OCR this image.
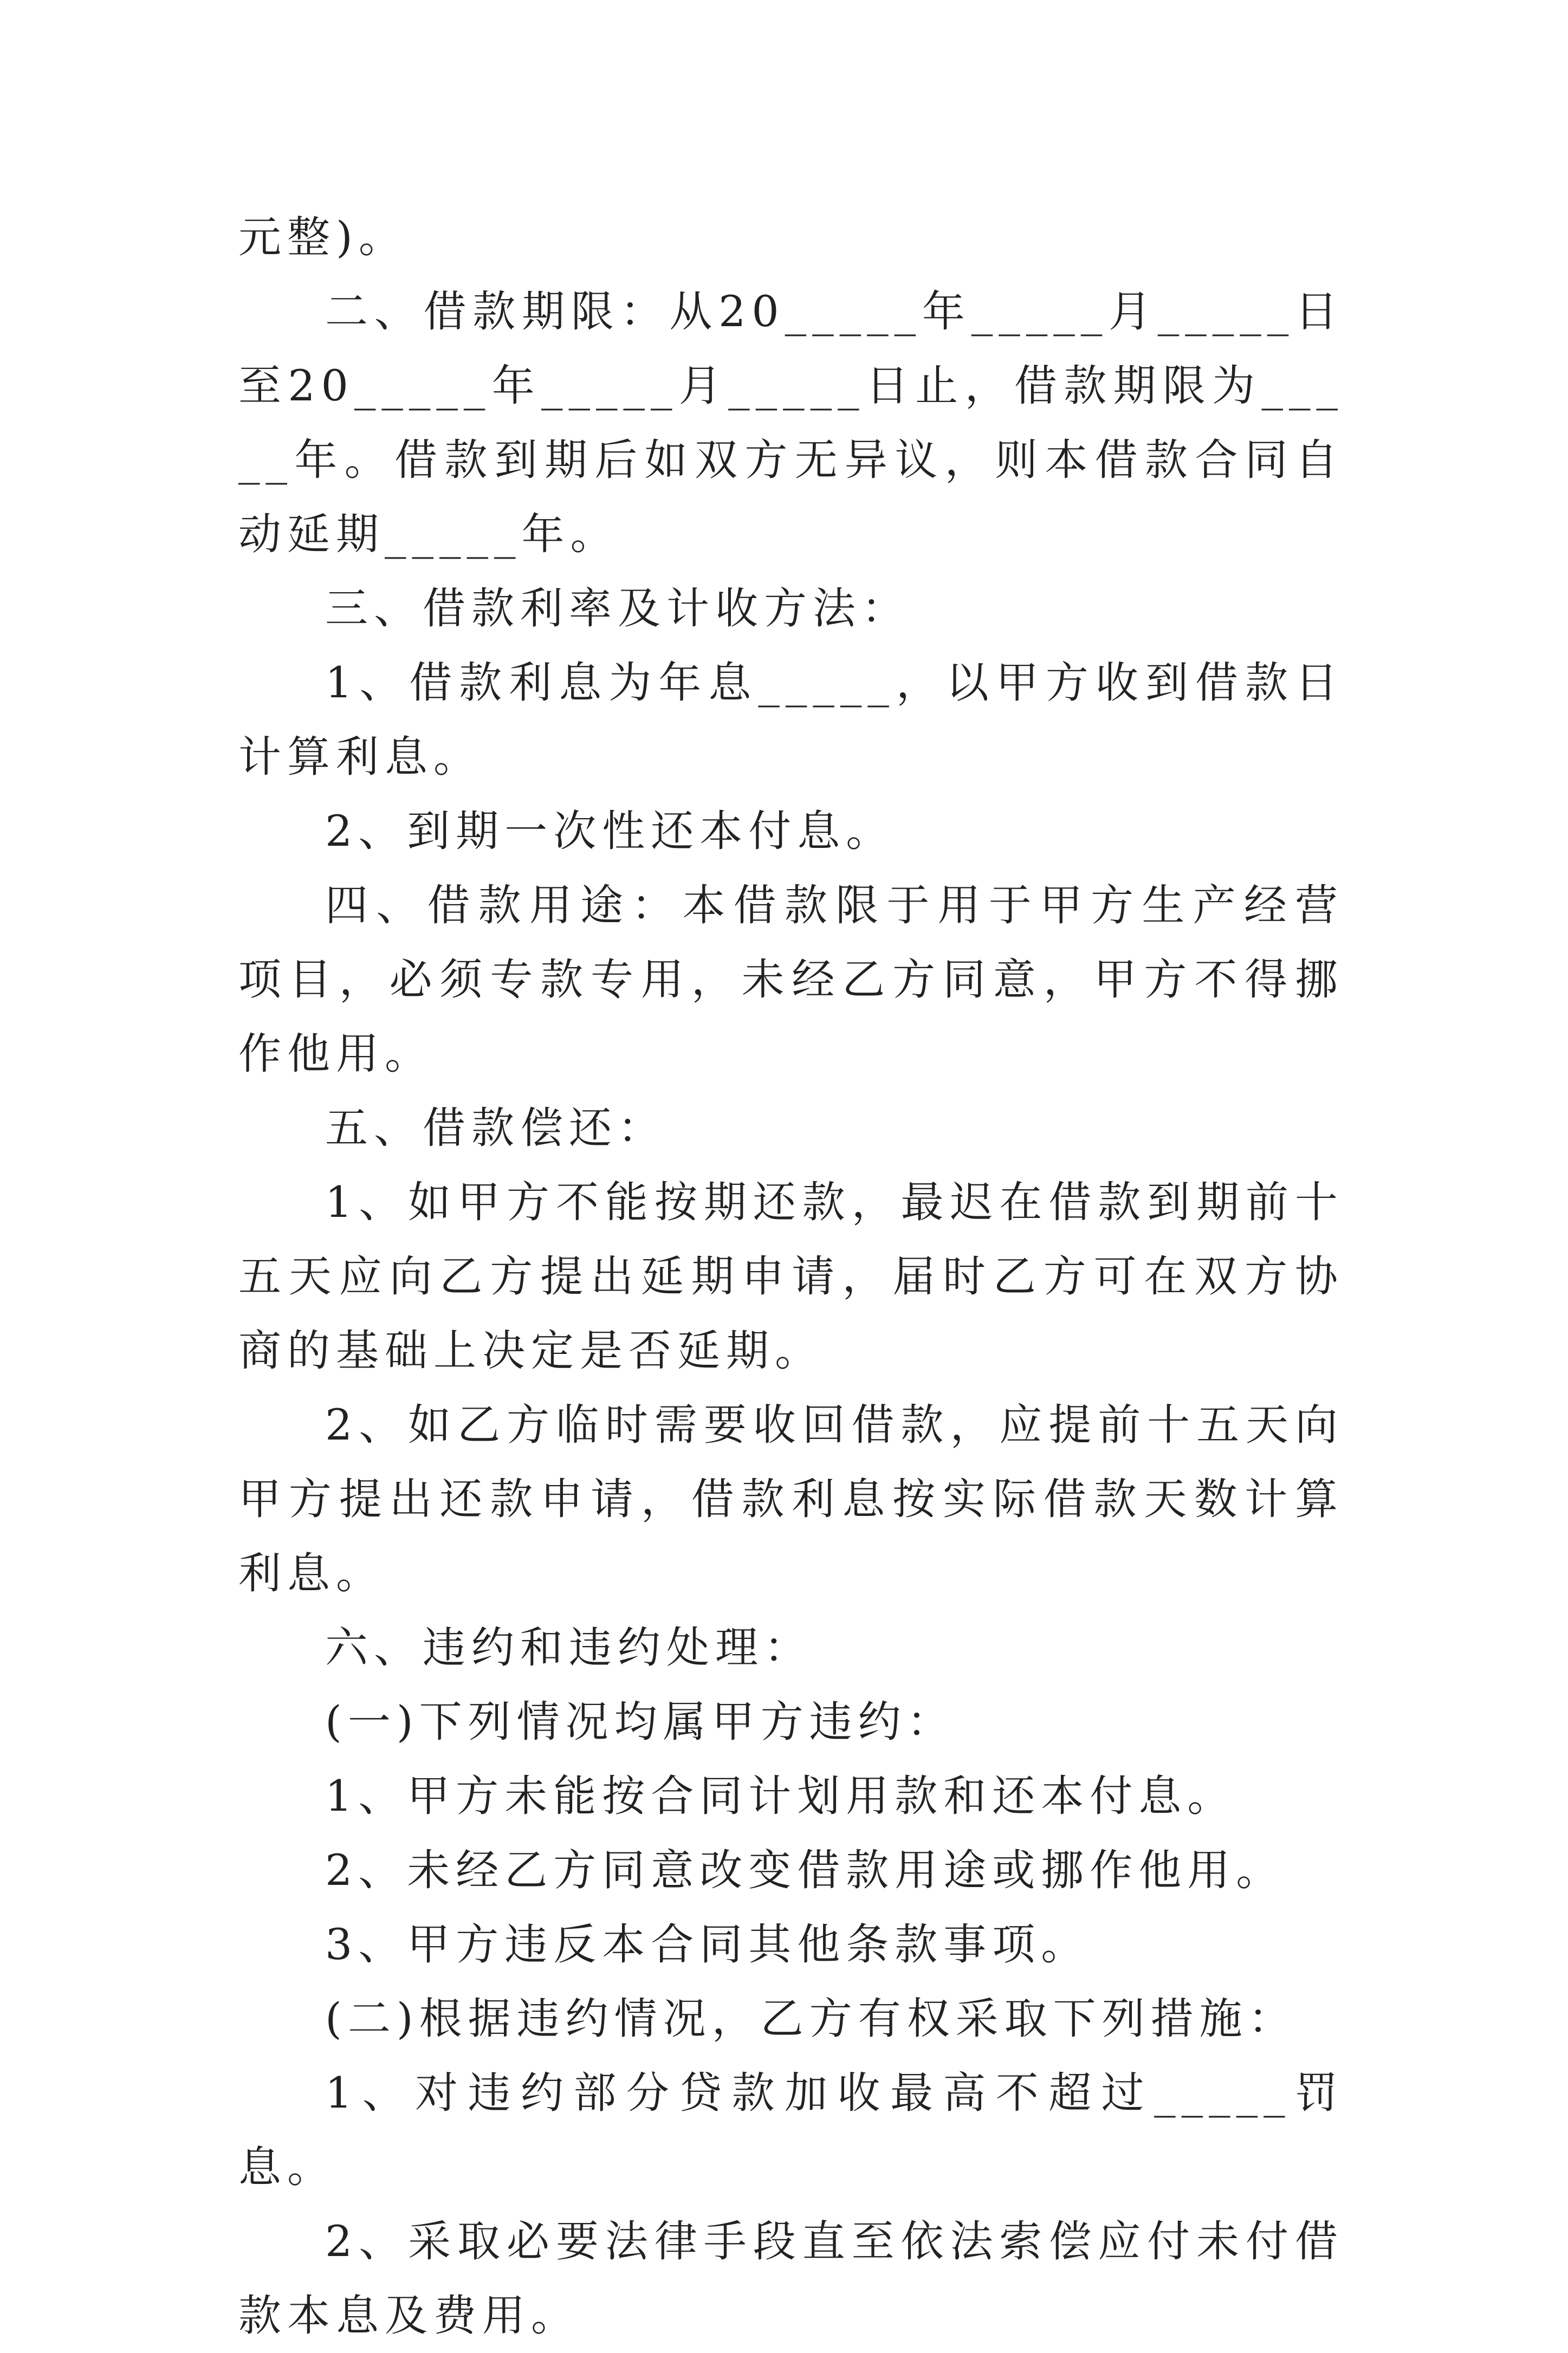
元整)。

二、借款期限：从20_____年_____月_____日至20_____年_____月_____日止，借款期限为_____年。借款到期后如双方无异议，则本借款合同自动延期_____年。

三、借款利率及计收方法：

1、借款利息为年息_____，以甲方收到借款日计算利息。

2、到期一次性还本付息。

四、借款用途：本借款限于用于甲方生产经营项目，必须专款专用，未经乙方同意，甲方不得挪作他用。

五、借款偿还：

1、如甲方不能按期还款，最迟在借款到期前十五天应向乙方提出延期申请，届时乙方可在双方协商的基础上决定是否延期。

2、如乙方临时需要收回借款，应提前十五天向甲方提出还款申请，借款利息按实际借款天数计算利息。

六、违约和违约处理：

(一)下列情况均属甲方违约：

1、甲方未能按合同计划用款和还本付息。

2、未经乙方同意改变借款用途或挪作他用。

3、甲方违反本合同其他条款事项。

(二)根据违约情况，乙方有权采取下列措施：

1、对违约部分贷款加收最高不超过_____罚息。

2、采取必要法律手段直至依法索偿应付未付借款本息及费用。
